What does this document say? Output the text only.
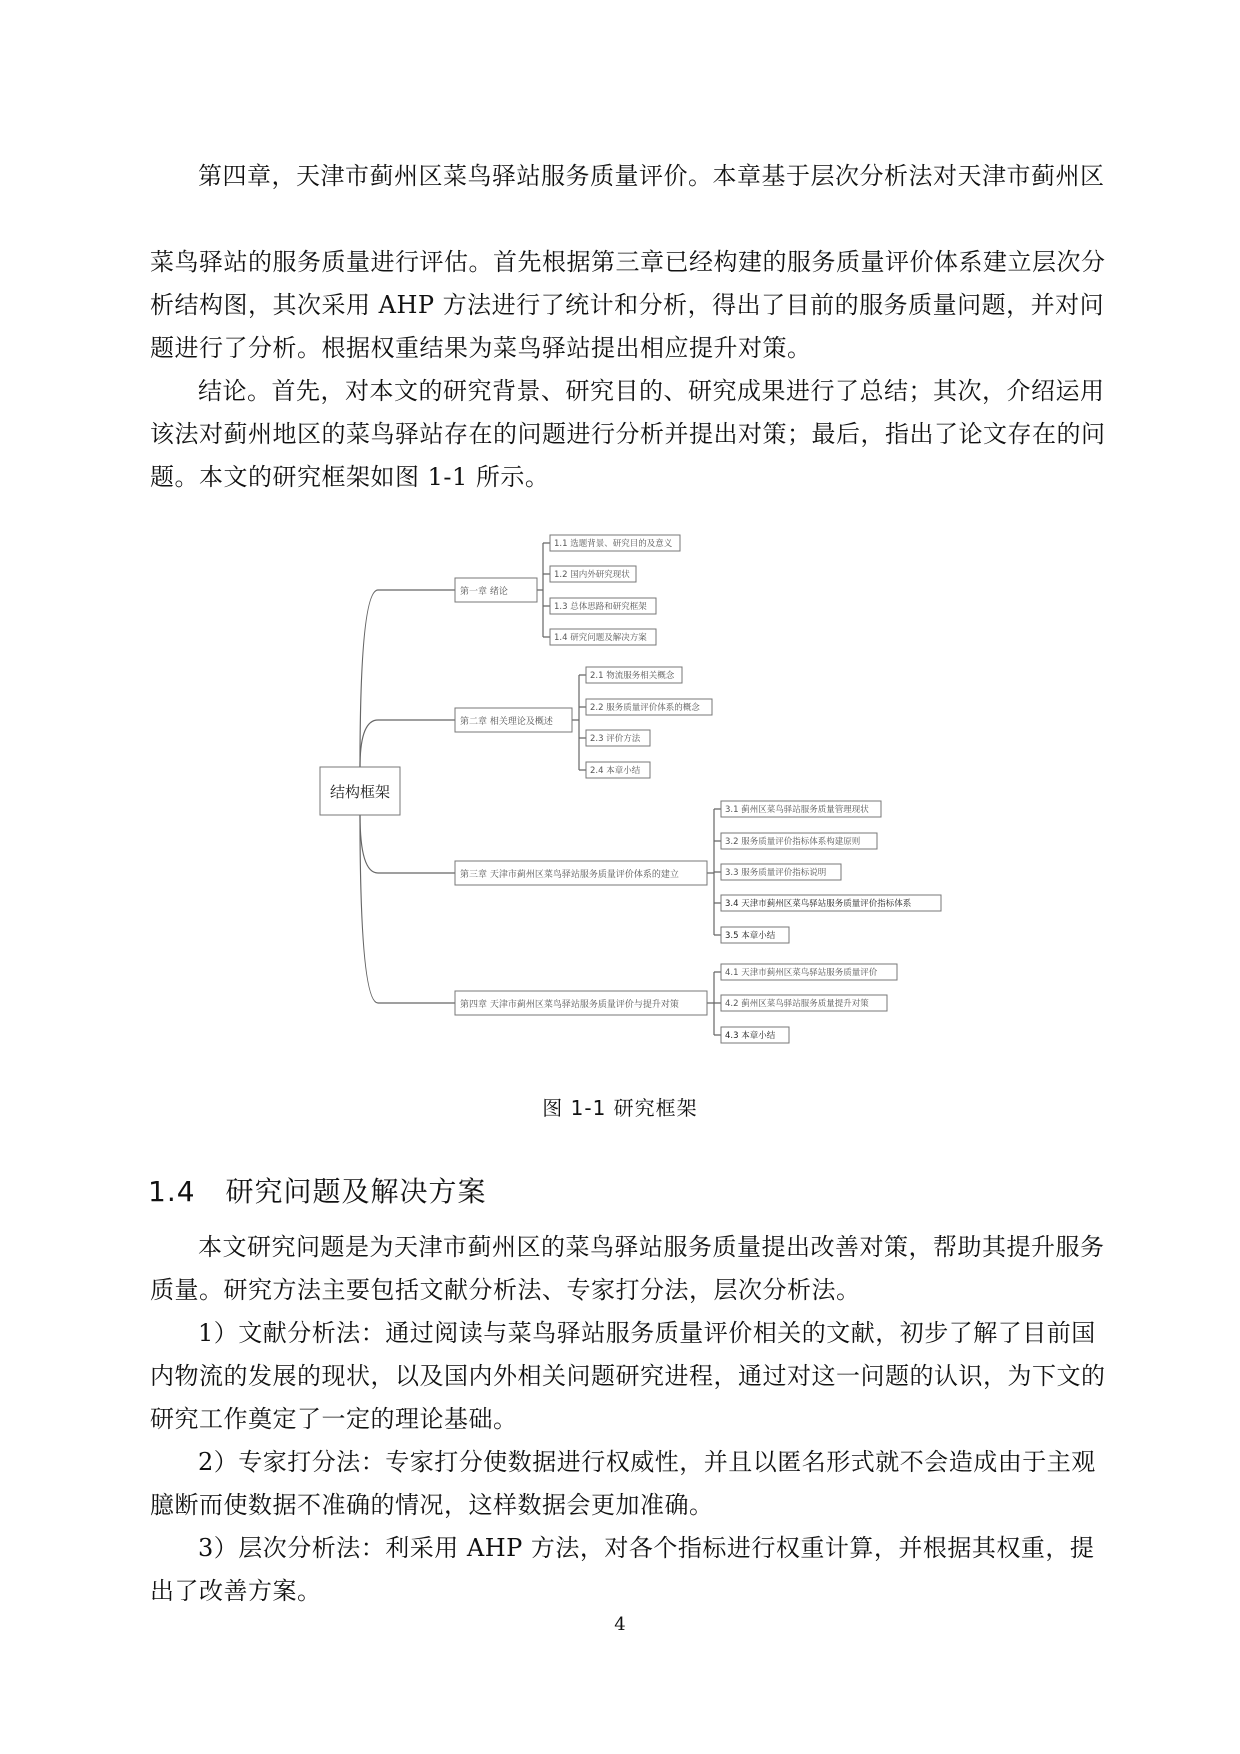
第四章，天津市蓟州区菜鸟驿站服务质量评价。本章基于层次分析法对天津市蓟州区

菜鸟驿站的服务质量进行评估。首先根据第三章已经构建的服务质量评价体系建立层次分析结构图，其次采用 AHP 方法进行了统计和分析，得出了目前的服务质量问题，并对问题进行了分析。根据权重结果为菜鸟驿站提出相应提升对策。

结论。首先，对本文的研究背景、研究目的、研究成果进行了总结；其次，介绍运用该法对蓟州地区的菜鸟驿站存在的问题进行分析并提出对策；最后，指出了论文存在的问题。本文的研究框架如图 1-1 所示。

结构框架
第一章 绪论
1.1 选题背景、研究目的及意义
1.2 国内外研究现状
1.3 总体思路和研究框架
1.4 研究问题及解决方案
第二章 相关理论及概述
2.1 物流服务相关概念
2.2 服务质量评价体系的概念
2.3 评价方法
2.4 本章小结
第三章 天津市蓟州区菜鸟驿站服务质量评价体系的建立
3.1 蓟州区菜鸟驿站服务质量管理现状
3.2 服务质量评价指标体系构建原则
3.3 服务质量评价指标说明
3.4 天津市蓟州区菜鸟驿站服务质量评价指标体系
3.5 本章小结
第四章 天津市蓟州区菜鸟驿站服务质量评价与提升对策
4.1 天津市蓟州区菜鸟驿站服务质量评价
4.2 蓟州区菜鸟驿站服务质量提升对策
4.3 本章小结
图 1-1 研究框架
1.4 研究问题及解决方案

本文研究问题是为天津市蓟州区的菜鸟驿站服务质量提出改善对策，帮助其提升服务质量。研究方法主要包括文献分析法、专家打分法，层次分析法。

1）文献分析法：通过阅读与菜鸟驿站服务质量评价相关的文献，初步了解了目前国内物流的发展的现状，以及国内外相关问题研究进程，通过对这一问题的认识，为下文的研究工作奠定了一定的理论基础。

2）专家打分法：专家打分使数据进行权威性，并且以匿名形式就不会造成由于主观臆断而使数据不准确的情况，这样数据会更加准确。

3）层次分析法：利采用 AHP 方法，对各个指标进行权重计算，并根据其权重，提出了改善方案。

4
